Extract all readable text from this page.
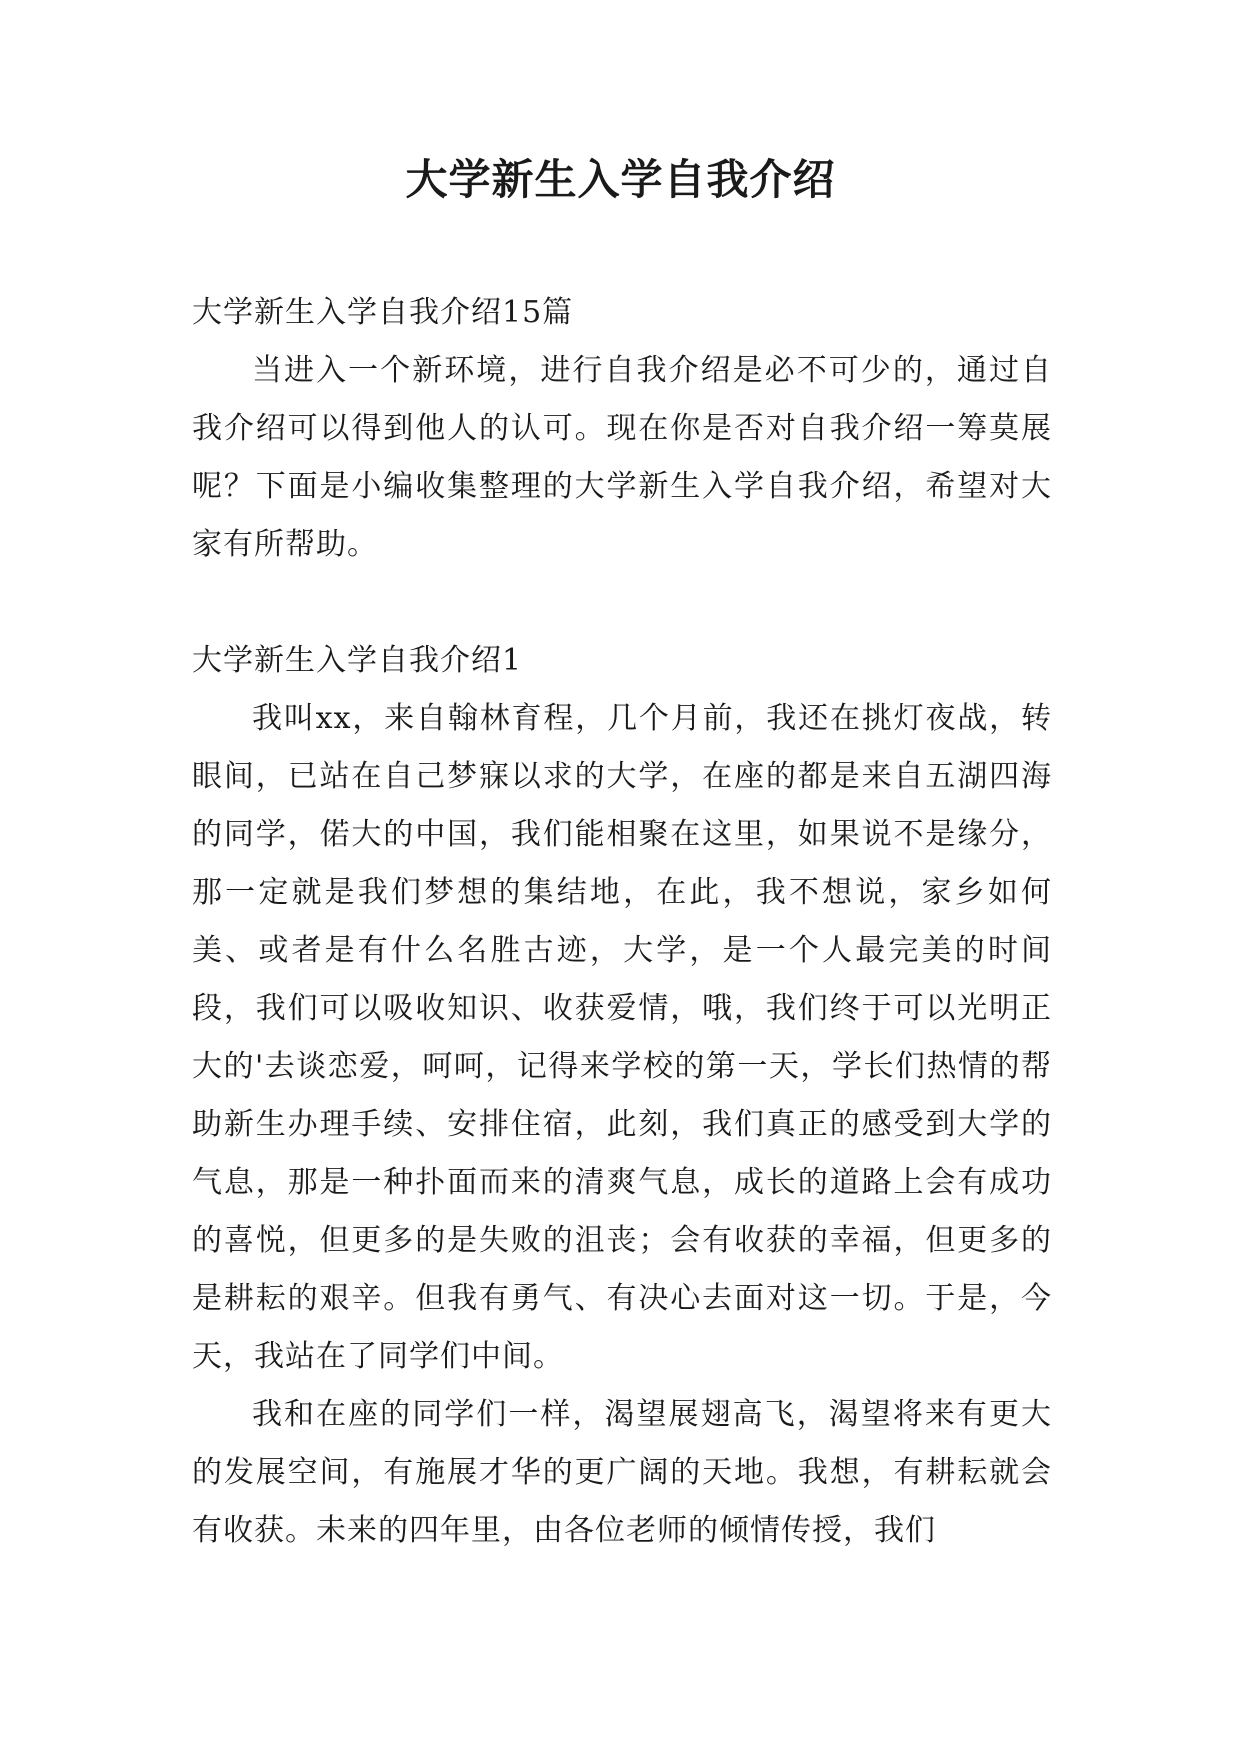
大学新生入学自我介绍

大学新生入学自我介绍15篇

当进入一个新环境，进行自我介绍是必不可少的，通过自我介绍可以得到他人的认可。现在你是否对自我介绍一筹莫展呢？下面是小编收集整理的大学新生入学自我介绍，希望对大家有所帮助。

大学新生入学自我介绍1

我叫xx，来自翰林育程，几个月前，我还在挑灯夜战，转眼间，已站在自己梦寐以求的大学，在座的都是来自五湖四海的同学，偌大的中国，我们能相聚在这里，如果说不是缘分，那一定就是我们梦想的集结地，在此，我不想说，家乡如何美、或者是有什么名胜古迹，大学，是一个人最完美的时间段，我们可以吸收知识、收获爱情，哦，我们终于可以光明正大的'去谈恋爱，呵呵，记得来学校的第一天，学长们热情的帮助新生办理手续、安排住宿，此刻，我们真正的感受到大学的气息，那是一种扑面而来的清爽气息，成长的道路上会有成功的喜悦，但更多的是失败的沮丧；会有收获的幸福，但更多的是耕耘的艰辛。但我有勇气、有决心去面对这一切。于是，今天，我站在了同学们中间。

我和在座的同学们一样，渴望展翅高飞，渴望将来有更大的发展空间，有施展才华的更广阔的天地。我想，有耕耘就会有收获。未来的四年里，由各位老师的倾情传授，我们
